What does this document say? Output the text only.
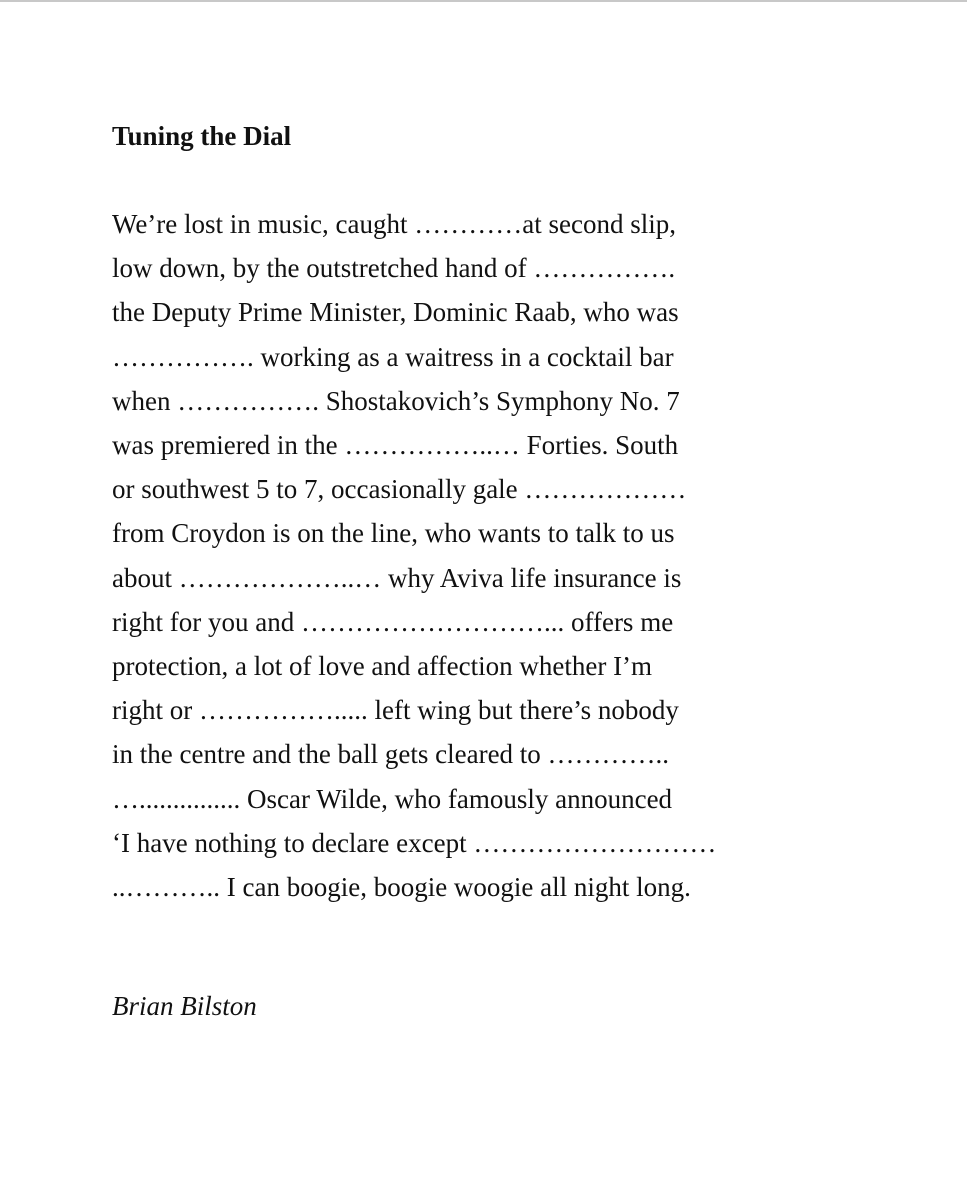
Tuning the Dial
We’re lost in music, caught …………at second slip,
low down, by the outstretched hand of …………….
the Deputy Prime Minister, Dominic Raab, who was
……………. working as a waitress in a cocktail bar
when ……………. Shostakovich’s Symphony No. 7
was premiered in the ……………..… Forties. South
or southwest 5 to 7, occasionally gale ………………
from Croydon is on the line, who wants to talk to us
about ………………..… why Aviva life insurance is
right for you and ………………………... offers me
protection, a lot of love and affection whether I’m
right or ……………..... left wing but there’s nobody
in the centre and the ball gets cleared to …………..
…............... Oscar Wilde, who famously announced
‘I have nothing to declare except ………………………
..……….. I can boogie, boogie woogie all night long.

Brian Bilston
